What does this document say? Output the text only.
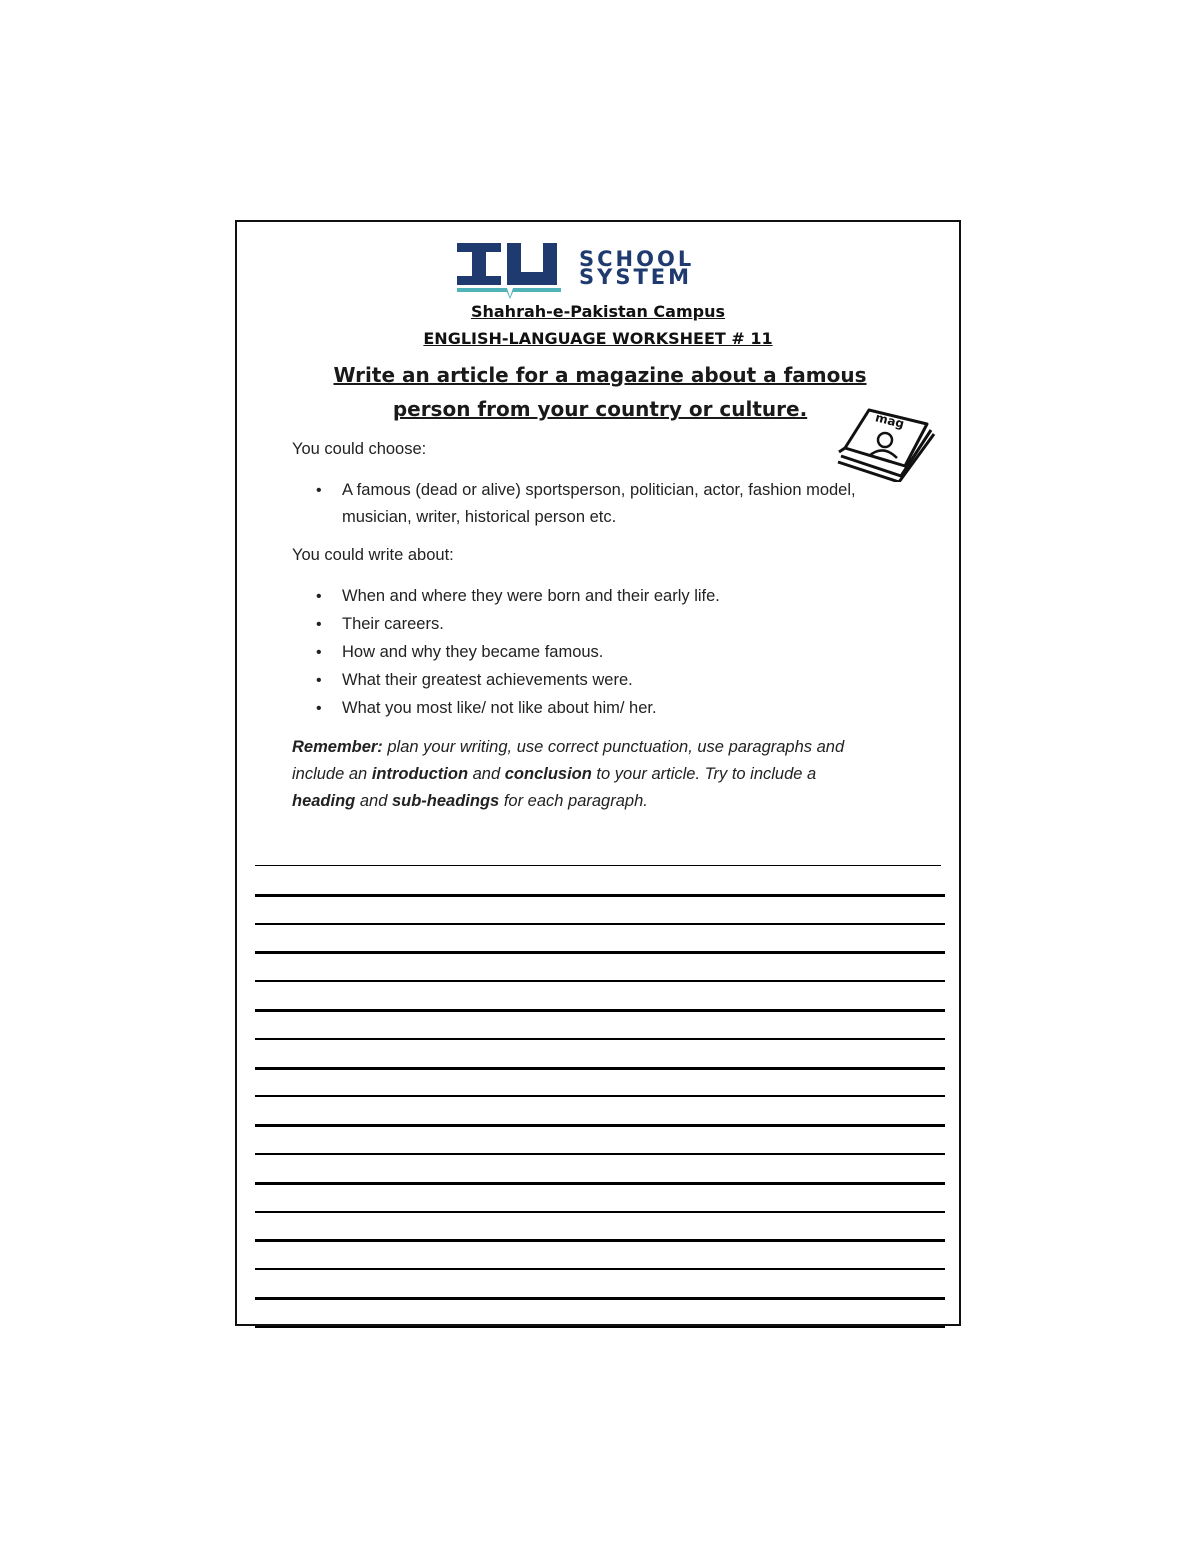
SCHOOL
SYSTEM
Shahrah-e-Pakistan Campus
ENGLISH-LANGUAGE WORKSHEET # 11
Write an article for a magazine about a famous person from your country or culture.	mag
You could choose:
• A famous (dead or alive) sportsperson, politician, actor, fashion model, musician, writer, historical person etc.
You could write about:
• When and where they were born and their early life.
• Their careers.
• How and why they became famous.
• What their greatest achievements were.
• What you most like/ not like about him/ her.
Remember: plan your writing, use correct punctuation, use paragraphs and include an introduction and conclusion to your article. Try to include a heading and sub-headings for each paragraph.
